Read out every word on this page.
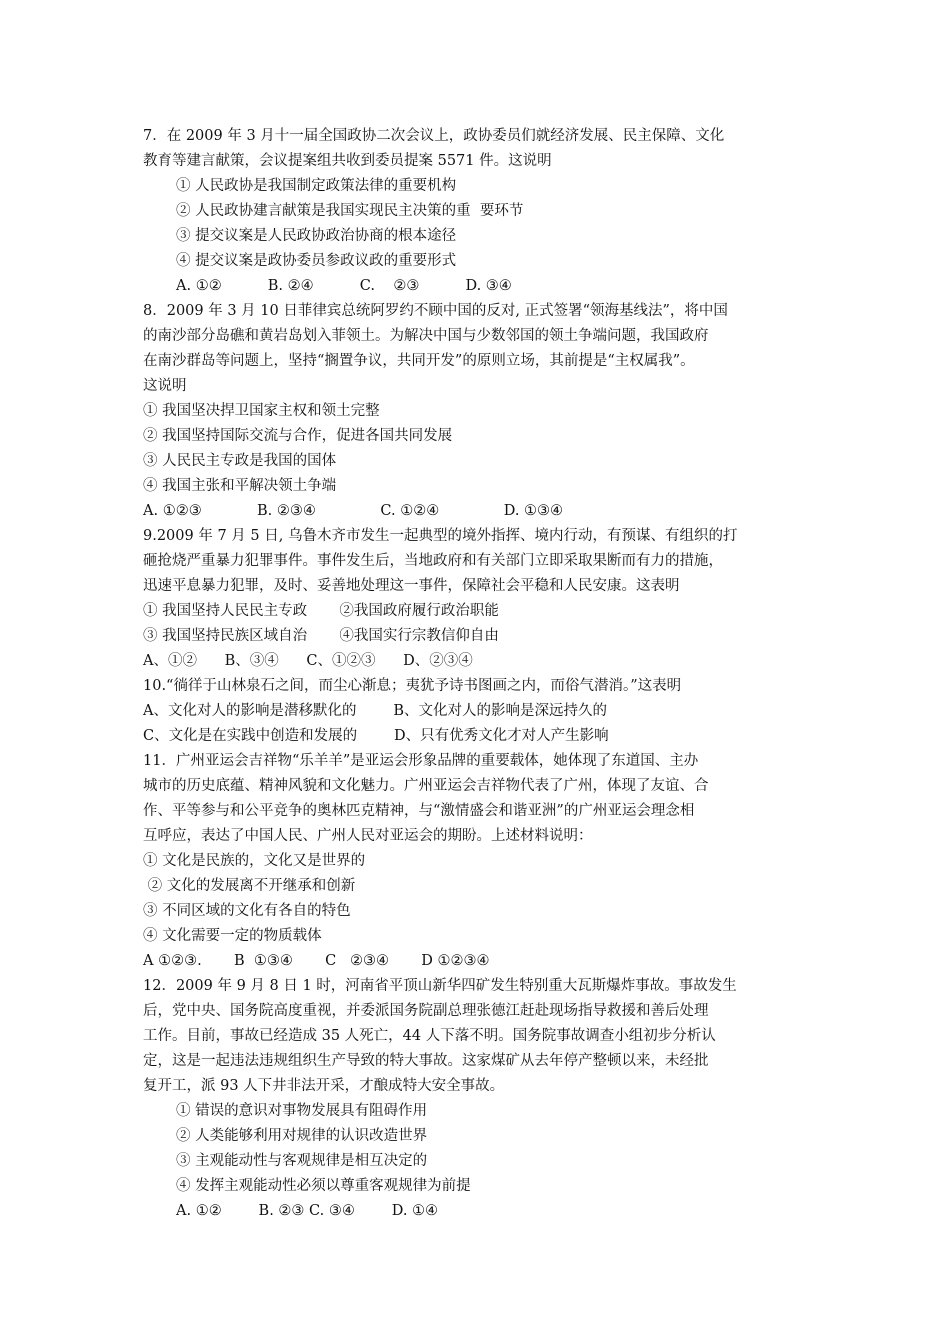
7．在 2009 年 3 月十一届全国政协二次会议上，政协委员们就经济发展、民主保障、文化
教育等建言献策，会议提案组共收到委员提案 5571 件。这说明
① 人民政协是我国制定政策法律的重要机构
② 人民政协建言献策是我国实现民主决策的重  要环节
③ 提交议案是人民政协政治协商的根本途径
④ 提交议案是政协委员参政议政的重要形式
A. ①②          B. ②④          C.    ②③          D. ③④
8．2009 年 3 月 10 日菲律宾总统阿罗约不顾中国的反对, 正式签署“领海基线法”，将中国
的南沙部分岛礁和黄岩岛划入菲领土。为解决中国与少数邻国的领土争端问题，我国政府
在南沙群岛等问题上，坚持“搁置争议，共同开发”的原则立场，其前提是“主权属我”。
这说明
① 我国坚决捍卫国家主权和领土完整
② 我国坚持国际交流与合作，促进各国共同发展
③ 人民民主专政是我国的国体
④ 我国主张和平解决领土争端
A. ①②③            B. ②③④              C. ①②④              D. ①③④
9.2009 年 7 月 5 日, 乌鲁木齐市发生一起典型的境外指挥、境内行动，有预谋、有组织的打
砸抢烧严重暴力犯罪事件。事件发生后，当地政府和有关部门立即采取果断而有力的措施，
迅速平息暴力犯罪，及时、妥善地处理这一事件，保障社会平稳和人民安康。这表明
① 我国坚持人民民主专政       ②我国政府履行政治职能
③ 我国坚持民族区域自治       ④我国实行宗教信仰自由
A、①②      B、③④      C、①②③      D、②③④
10.“徜徉于山林泉石之间，而尘心渐息；夷犹予诗书图画之内，而俗气潜消。”这表明
A、文化对人的影响是潜移默化的        B、文化对人的影响是深远持久的
C、文化是在实践中创造和发展的        D、只有优秀文化才对人产生影响
11．广州亚运会吉祥物“乐羊羊”是亚运会形象品牌的重要载体，她体现了东道国、主办
城市的历史底蕴、精神风貌和文化魅力。广州亚运会吉祥物代表了广州，体现了友谊、合
作、平等参与和公平竞争的奥林匹克精神，与“激情盛会和谐亚洲”的广州亚运会理念相
互呼应，表达了中国人民、广州人民对亚运会的期盼。上述材料说明：
① 文化是民族的，文化又是世界的
② 文化的发展离不开继承和创新
③ 不同区域的文化有各自的特色
④ 文化需要一定的物质载体
A ①②③.       B  ①③④       C   ②③④       D ①②③④
12．2009 年 9 月 8 日 1 时，河南省平顶山新华四矿发生特别重大瓦斯爆炸事故。事故发生
后，党中央、国务院高度重视，并委派国务院副总理张德江赶赴现场指导救援和善后处理
工作。目前，事故已经造成 35 人死亡，44 人下落不明。国务院事故调查小组初步分析认
定，这是一起违法违规组织生产导致的特大事故。这家煤矿从去年停产整顿以来，未经批
复开工，派 93 人下井非法开采，才酿成特大安全事故。
① 错误的意识对事物发展具有阻碍作用
② 人类能够利用对规律的认识改造世界
③ 主观能动性与客观规律是相互决定的
④ 发挥主观能动性必须以尊重客观规律为前提
A. ①②        B. ②③ C. ③④        D. ①④
